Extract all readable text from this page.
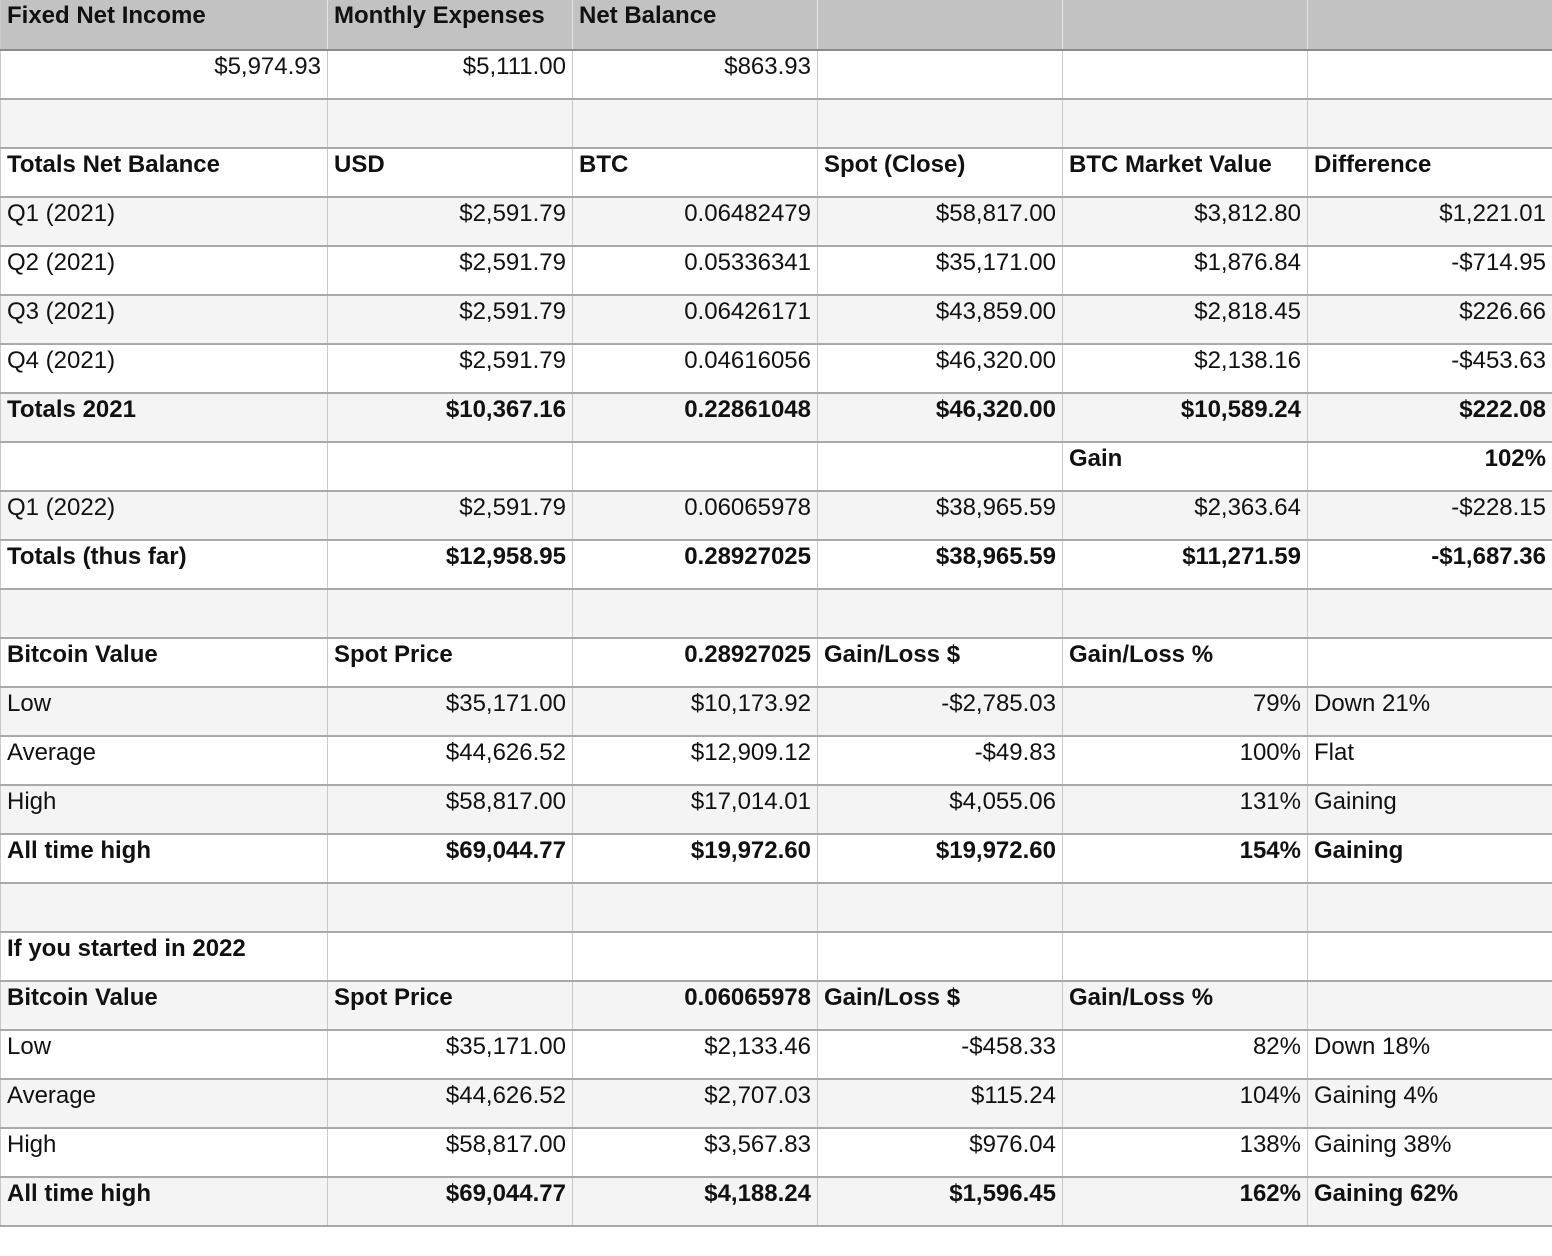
Fixed Net Income	Monthly Expenses	Net Balance			
$5,974.93	$5,111.00	$863.93			

Totals Net Balance	USD	BTC	Spot (Close)	BTC Market Value	Difference
Q1 (2021)	$2,591.79	0.06482479	$58,817.00	$3,812.80	$1,221.01
Q2 (2021)	$2,591.79	0.05336341	$35,171.00	$1,876.84	-$714.95
Q3 (2021)	$2,591.79	0.06426171	$43,859.00	$2,818.45	$226.66
Q4 (2021)	$2,591.79	0.04616056	$46,320.00	$2,138.16	-$453.63
Totals 2021	$10,367.16	0.22861048	$46,320.00	$10,589.24	$222.08
				Gain	102%
Q1 (2022)	$2,591.79	0.06065978	$38,965.59	$2,363.64	-$228.15
Totals (thus far)	$12,958.95	0.28927025	$38,965.59	$11,271.59	-$1,687.36

Bitcoin Value	Spot Price	0.28927025	Gain/Loss $	Gain/Loss %	
Low	$35,171.00	$10,173.92	-$2,785.03	79%	Down 21%
Average	$44,626.52	$12,909.12	-$49.83	100%	Flat
High	$58,817.00	$17,014.01	$4,055.06	131%	Gaining
All time high	$69,044.77	$19,972.60	$19,972.60	154%	Gaining

If you started in 2022					
Bitcoin Value	Spot Price	0.06065978	Gain/Loss $	Gain/Loss %	
Low	$35,171.00	$2,133.46	-$458.33	82%	Down 18%
Average	$44,626.52	$2,707.03	$115.24	104%	Gaining 4%
High	$58,817.00	$3,567.83	$976.04	138%	Gaining 38%
All time high	$69,044.77	$4,188.24	$1,596.45	162%	Gaining 62%
